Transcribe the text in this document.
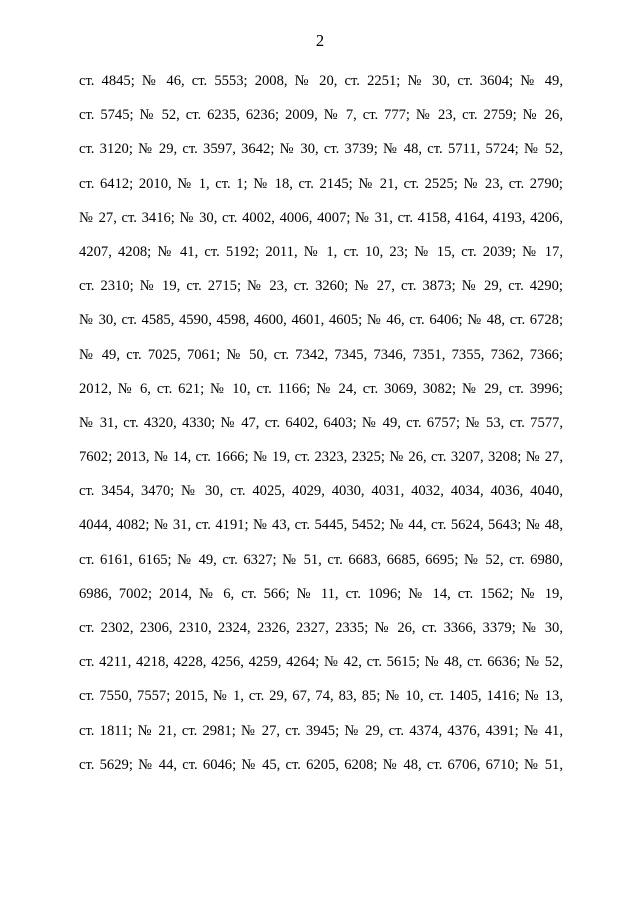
2
ст. 4845; № 46, ст. 5553; 2008, № 20, ст. 2251; № 30, ст. 3604; № 49,
ст. 5745; № 52, ст. 6235, 6236; 2009, № 7, ст. 777; № 23, ст. 2759; № 26,
ст. 3120; № 29, ст. 3597, 3642; № 30, ст. 3739; № 48, ст. 5711, 5724; № 52,
ст. 6412; 2010, № 1, ст. 1; № 18, ст. 2145; № 21, ст. 2525; № 23, ст. 2790;
№ 27, ст. 3416; № 30, ст. 4002, 4006, 4007; № 31, ст. 4158, 4164, 4193, 4206,
4207, 4208; № 41, ст. 5192; 2011, № 1, ст. 10, 23; № 15, ст. 2039; № 17,
ст. 2310; № 19, ст. 2715; № 23, ст. 3260; № 27, ст. 3873; № 29, ст. 4290;
№ 30, ст. 4585, 4590, 4598, 4600, 4601, 4605; № 46, ст. 6406; № 48, ст. 6728;
№ 49, ст. 7025, 7061; № 50, ст. 7342, 7345, 7346, 7351, 7355, 7362, 7366;
2012, № 6, ст. 621; № 10, ст. 1166; № 24, ст. 3069, 3082; № 29, ст. 3996;
№ 31, ст. 4320, 4330; № 47, ст. 6402, 6403; № 49, ст. 6757; № 53, ст. 7577,
7602; 2013, № 14, ст. 1666; № 19, ст. 2323, 2325; № 26, ст. 3207, 3208; № 27,
ст. 3454, 3470; № 30, ст. 4025, 4029, 4030, 4031, 4032, 4034, 4036, 4040,
4044, 4082; № 31, ст. 4191; № 43, ст. 5445, 5452; № 44, ст. 5624, 5643; № 48,
ст. 6161, 6165; № 49, ст. 6327; № 51, ст. 6683, 6685, 6695; № 52, ст. 6980,
6986, 7002; 2014, № 6, ст. 566; № 11, ст. 1096; № 14, ст. 1562; № 19,
ст. 2302, 2306, 2310, 2324, 2326, 2327, 2335; № 26, ст. 3366, 3379; № 30,
ст. 4211, 4218, 4228, 4256, 4259, 4264; № 42, ст. 5615; № 48, ст. 6636; № 52,
ст. 7550, 7557; 2015, № 1, ст. 29, 67, 74, 83, 85; № 10, ст. 1405, 1416; № 13,
ст. 1811; № 21, ст. 2981; № 27, ст. 3945; № 29, ст. 4374, 4376, 4391; № 41,
ст. 5629; № 44, ст. 6046; № 45, ст. 6205, 6208; № 48, ст. 6706, 6710; № 51,
